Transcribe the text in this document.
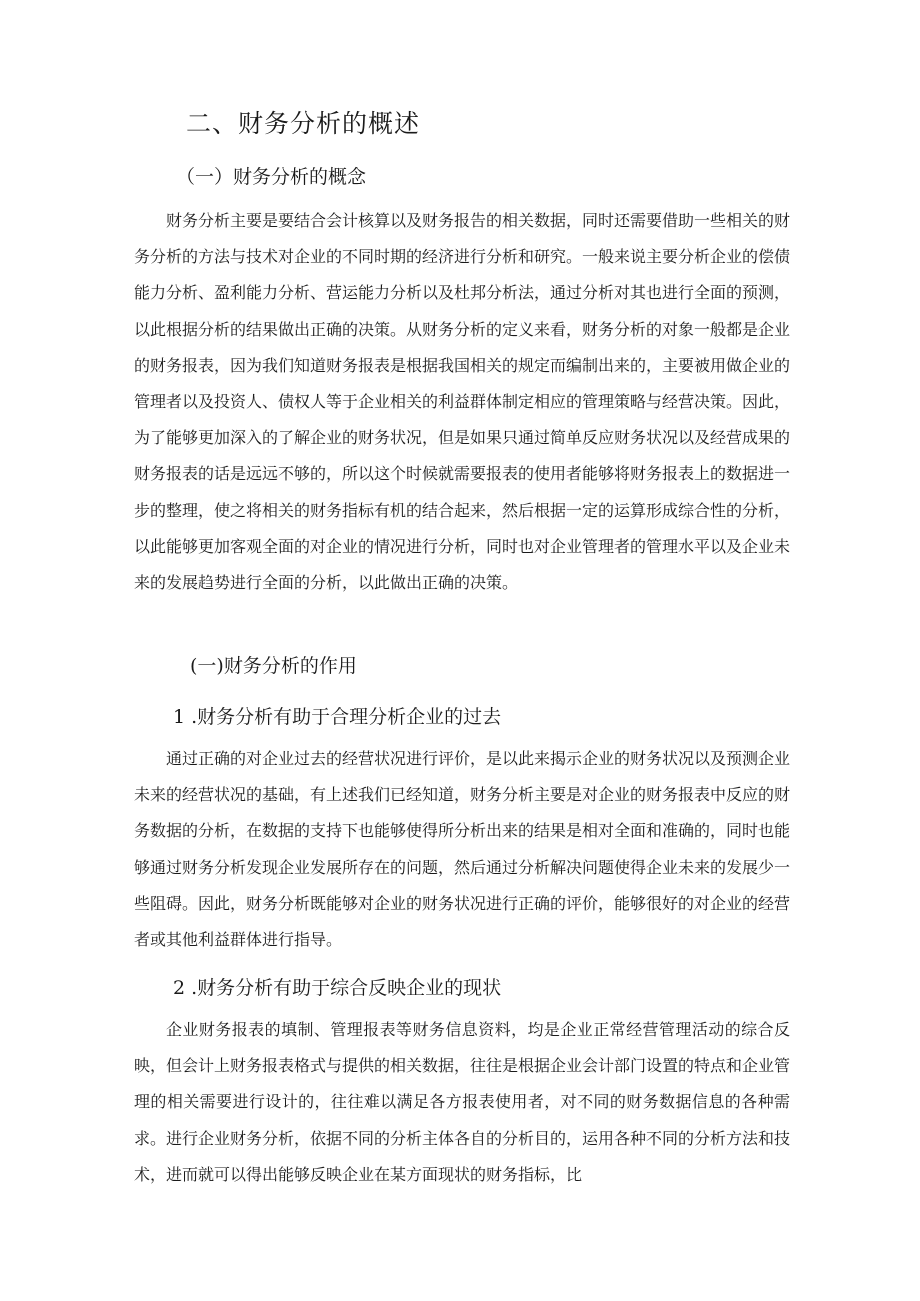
二、财务分析的概述
（一）财务分析的概念

财务分析主要是要结合会计核算以及财务报告的相关数据，同时还需要借助一些相关的财务分析的方法与技术对企业的不同时期的经济进行分析和研究。一般来说主要分析企业的偿债能力分析、盈利能力分析、营运能力分析以及杜邦分析法，通过分析对其也进行全面的预测，以此根据分析的结果做出正确的决策。从财务分析的定义来看，财务分析的对象一般都是企业的财务报表，因为我们知道财务报表是根据我国相关的规定而编制出来的，主要被用做企业的管理者以及投资人、债权人等于企业相关的利益群体制定相应的管理策略与经营决策。因此，为了能够更加深入的了解企业的财务状况，但是如果只通过简单反应财务状况以及经营成果的财务报表的话是远远不够的，所以这个时候就需要报表的使用者能够将财务报表上的数据进一步的整理，使之将相关的财务指标有机的结合起来，然后根据一定的运算形成综合性的分析，以此能够更加客观全面的对企业的情况进行分析，同时也对企业管理者的管理水平以及企业未来的发展趋势进行全面的分析，以此做出正确的决策。

(一)财务分析的作用
1 .财务分析有助于合理分析企业的过去

通过正确的对企业过去的经营状况进行评价，是以此来揭示企业的财务状况以及预测企业未来的经营状况的基础，有上述我们已经知道，财务分析主要是对企业的财务报表中反应的财务数据的分析，在数据的支持下也能够使得所分析出来的结果是相对全面和准确的，同时也能够通过财务分析发现企业发展所存在的问题，然后通过分析解决问题使得企业未来的发展少一些阻碍。因此，财务分析既能够对企业的财务状况进行正确的评价，能够很好的对企业的经营者或其他利益群体进行指导。

2 .财务分析有助于综合反映企业的现状

企业财务报表的填制、管理报表等财务信息资料，均是企业正常经营管理活动的综合反映，但会计上财务报表格式与提供的相关数据，往往是根据企业会计部门设置的特点和企业管理的相关需要进行设计的，往往难以满足各方报表使用者，对不同的财务数据信息的各种需求。进行企业财务分析，依据不同的分析主体各自的分析目的，运用各种不同的分析方法和技术，进而就可以得出能够反映企业在某方面现状的财务指标，比
